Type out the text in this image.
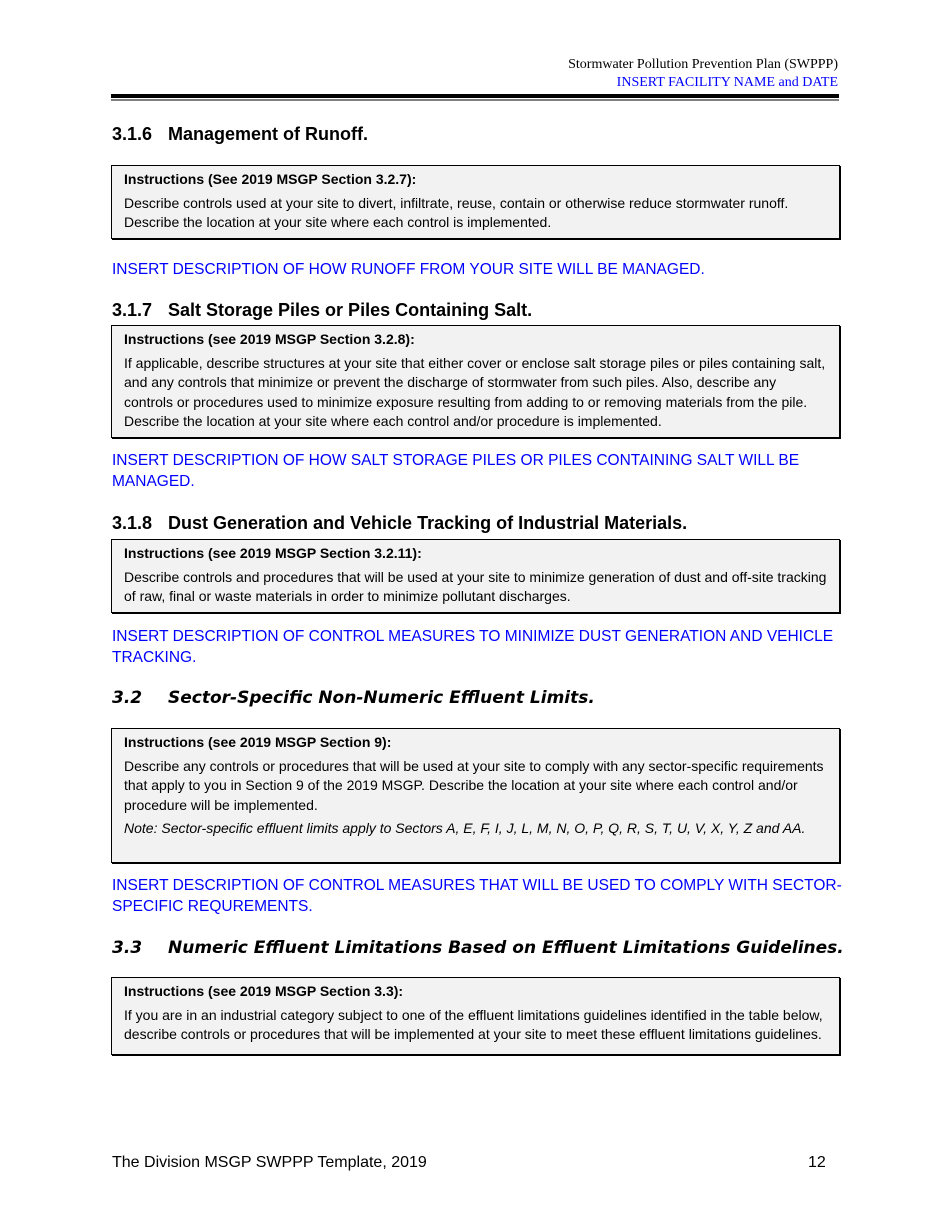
Stormwater Pollution Prevention Plan (SWPPP)
INSERT FACILITY NAME and DATE
3.1.6 Management of Runoff.
Instructions (See 2019 MSGP Section 3.2.7):

Describe controls used at your site to divert, infiltrate, reuse, contain or otherwise reduce stormwater runoff. Describe the location at your site where each control is implemented.

INSERT DESCRIPTION OF HOW RUNOFF FROM YOUR SITE WILL BE MANAGED.

3.1.7 Salt Storage Piles or Piles Containing Salt.
Instructions (see 2019 MSGP Section 3.2.8):

If applicable, describe structures at your site that either cover or enclose salt storage piles or piles containing salt, and any controls that minimize or prevent the discharge of stormwater from such piles. Also, describe any controls or procedures used to minimize exposure resulting from adding to or removing materials from the pile. Describe the location at your site where each control and/or procedure is implemented.

INSERT DESCRIPTION OF HOW SALT STORAGE PILES OR PILES CONTAINING SALT WILL BE MANAGED.

3.1.8 Dust Generation and Vehicle Tracking of Industrial Materials.
Instructions (see 2019 MSGP Section 3.2.11):

Describe controls and procedures that will be used at your site to minimize generation of dust and off-site tracking of raw, final or waste materials in order to minimize pollutant discharges.

INSERT DESCRIPTION OF CONTROL MEASURES TO MINIMIZE DUST GENERATION AND VEHICLE TRACKING.

3.2 Sector-Specific Non-Numeric Effluent Limits.
Instructions (see 2019 MSGP Section 9):

Describe any controls or procedures that will be used at your site to comply with any sector-specific requirements that apply to you in Section 9 of the 2019 MSGP. Describe the location at your site where each control and/or procedure will be implemented.

Note: Sector-specific effluent limits apply to Sectors A, E, F, I, J, L, M, N, O, P, Q, R, S, T, U, V, X, Y, Z and AA.

INSERT DESCRIPTION OF CONTROL MEASURES THAT WILL BE USED TO COMPLY WITH SECTOR-SPECIFIC REQUREMENTS.

3.3 Numeric Effluent Limitations Based on Effluent Limitations Guidelines.
Instructions (see 2019 MSGP Section 3.3):

If you are in an industrial category subject to one of the effluent limitations guidelines identified in the table below, describe controls or procedures that will be implemented at your site to meet these effluent limitations guidelines.

The Division MSGP SWPPP Template, 2019	12
